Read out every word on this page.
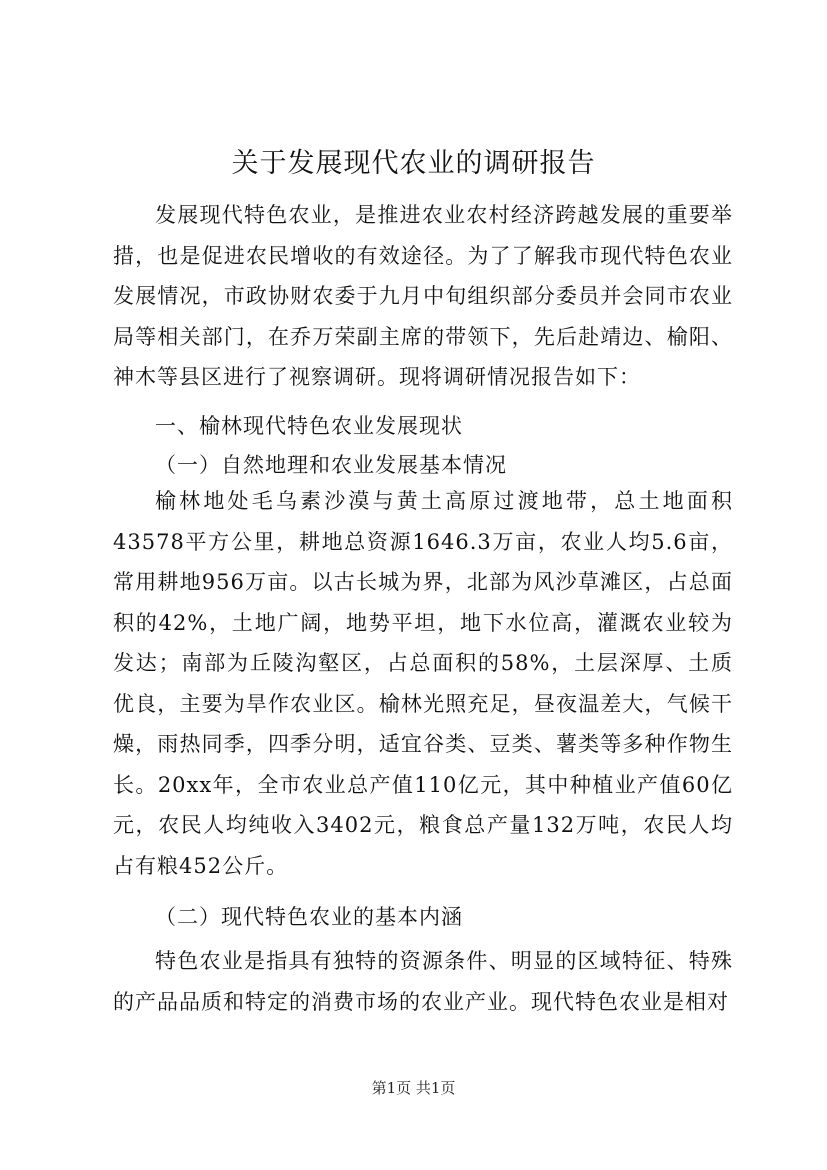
关于发展现代农业的调研报告

发展现代特色农业，是推进农业农村经济跨越发展的重要举措，也是促进农民增收的有效途径。为了了解我市现代特色农业发展情况，市政协财农委于九月中旬组织部分委员并会同市农业局等相关部门，在乔万荣副主席的带领下，先后赴靖边、榆阳、神木等县区进行了视察调研。现将调研情况报告如下：

一、榆林现代特色农业发展现状

（一）自然地理和农业发展基本情况

榆林地处毛乌素沙漠与黄土高原过渡地带，总土地面积43578平方公里，耕地总资源1646.3万亩，农业人均5.6亩，常用耕地956万亩。以古长城为界，北部为风沙草滩区，占总面积的42%，土地广阔，地势平坦，地下水位高，灌溉农业较为发达；南部为丘陵沟壑区，占总面积的58%，土层深厚、土质优良，主要为旱作农业区。榆林光照充足，昼夜温差大，气候干燥，雨热同季，四季分明，适宜谷类、豆类、薯类等多种作物生长。20xx年，全市农业总产值110亿元，其中种植业产值60亿元，农民人均纯收入3402元，粮食总产量132万吨，农民人均占有粮452公斤。

（二）现代特色农业的基本内涵

特色农业是指具有独特的资源条件、明显的区域特征、特殊的产品品质和特定的消费市场的农业产业。现代特色农业是相对

第1页 共1页
